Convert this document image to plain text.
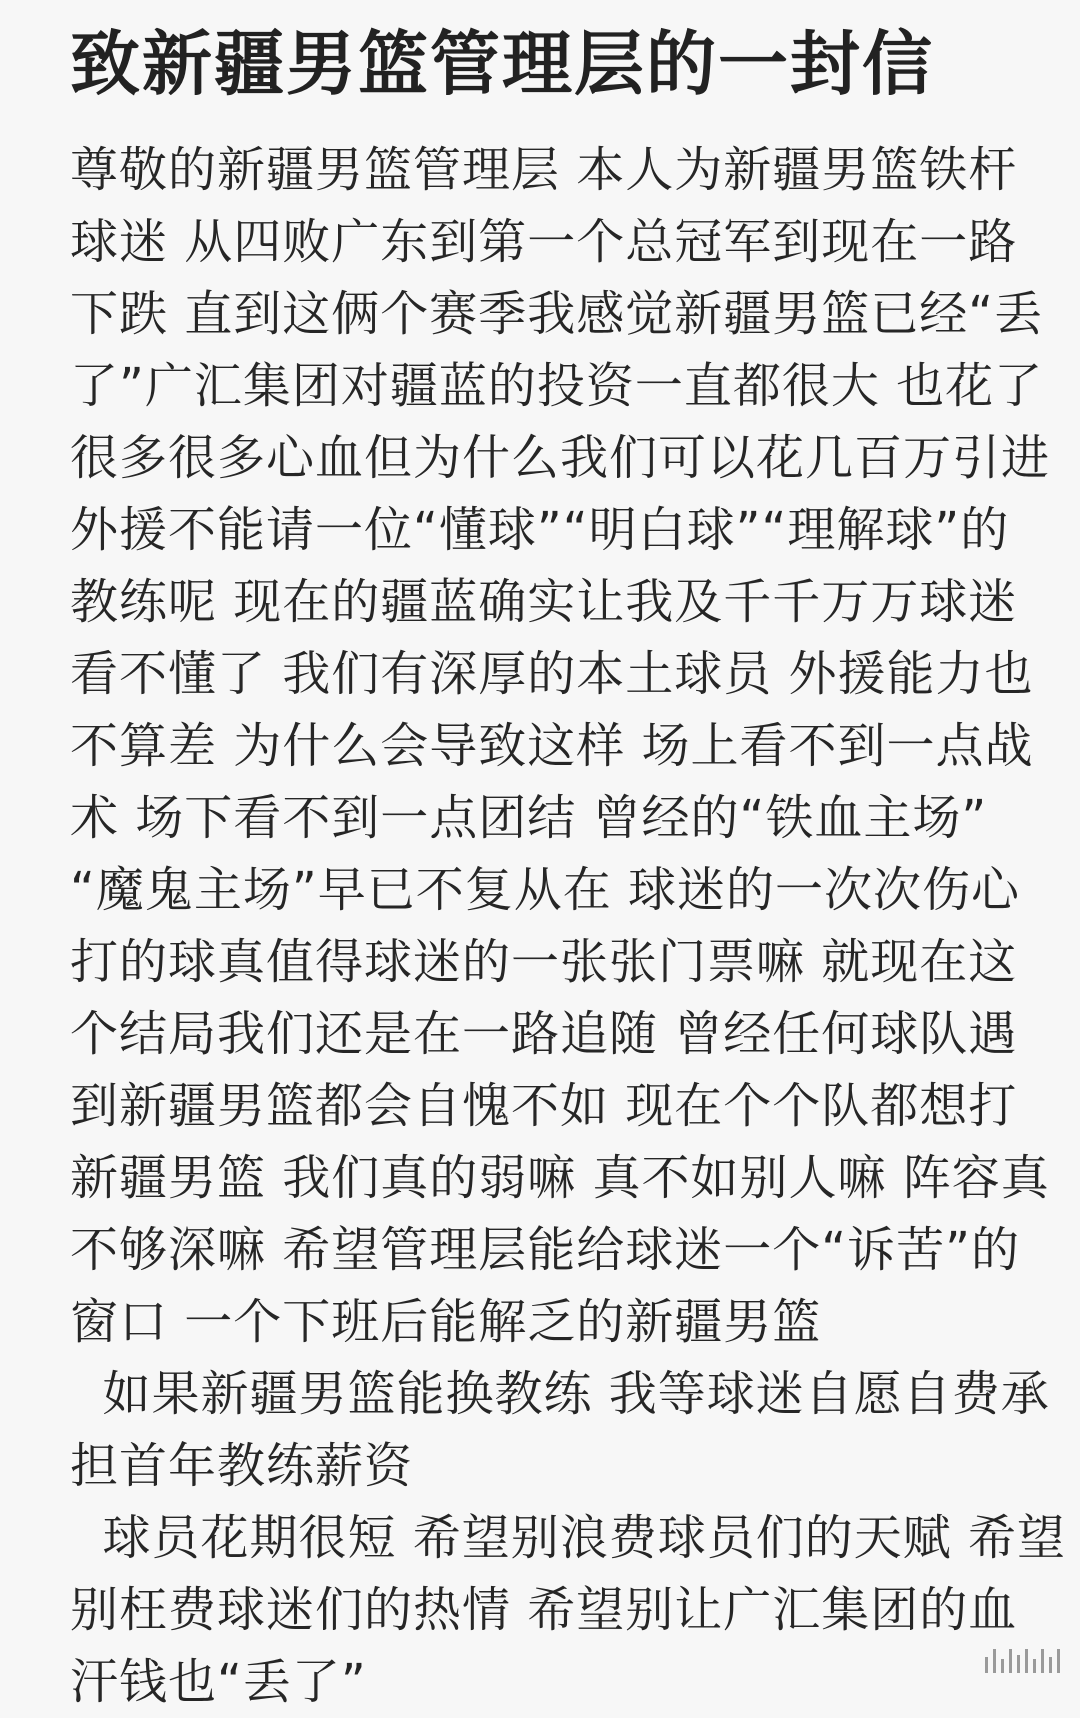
致新疆男篮管理层的一封信
尊敬的新疆男篮管理层 本人为新疆男篮铁杆
球迷 从四败广东到第一个总冠军到现在一路
下跌 直到这俩个赛季我感觉新疆男篮已经“丢
了”广汇集团对疆蓝的投资一直都很大 也花了
很多很多心血但为什么我们可以花几百万引进
外援不能请一位“懂球”“明白球”“理解球”的
教练呢 现在的疆蓝确实让我及千千万万球迷
看不懂了 我们有深厚的本土球员 外援能力也
不算差 为什么会导致这样 场上看不到一点战
术 场下看不到一点团结 曾经的“铁血主场”
“魔鬼主场”早已不复从在 球迷的一次次伤心
打的球真值得球迷的一张张门票嘛 就现在这
个结局我们还是在一路追随 曾经任何球队遇
到新疆男篮都会自愧不如 现在个个队都想打
新疆男篮 我们真的弱嘛 真不如别人嘛 阵容真
不够深嘛 希望管理层能给球迷一个“诉苦”的
窗口 一个下班后能解乏的新疆男篮
如果新疆男篮能换教练 我等球迷自愿自费承
担首年教练薪资
球员花期很短 希望别浪费球员们的天赋 希望
别枉费球迷们的热情 希望别让广汇集团的血
汗钱也“丢了”
